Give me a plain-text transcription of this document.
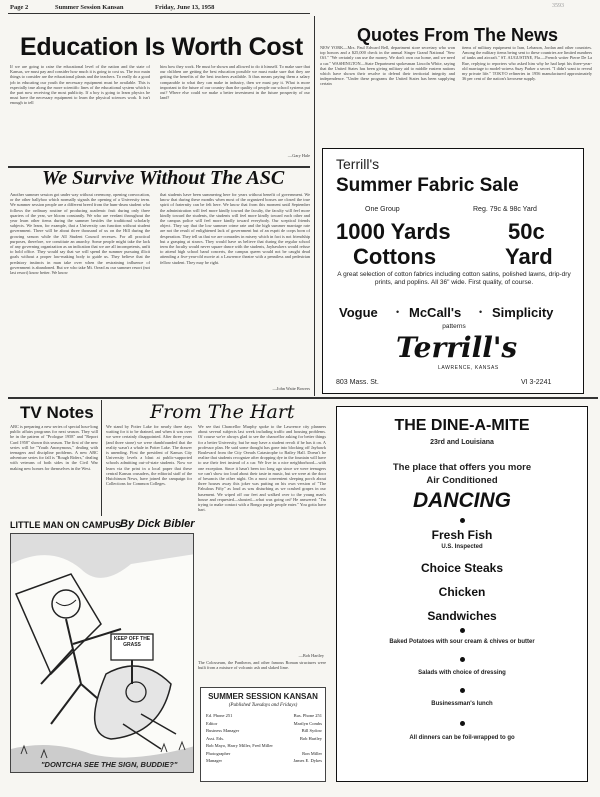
Page 2	Summer Session Kansan	Friday, June 13, 1958	3593
Education Is Worth Cost
If we are going to raise the educational level of the nation and the state of Kansas, we must pay and consider how much it is going to cost us. The two main things to consider are the educational plants and the teachers. To really do a good job in educating our youth the necessary equipment must be available. This is especially true along the more scientific lines of the educational system which is the part now receiving the most publicity. If a boy is going to learn physics he must have the necessary equipment to learn the physical sciences work. It isn't enough to tell
him how they work. He must be shown and allowed to do it himself. To make sure that our children are getting the best education possible we must make sure that they are getting the benefits of the best teachers available. It thus means paying them a salary comparable to what they can make in industry, then we must pay it. What is more important to the future of our country than the quality of people our school systems put out? Where else could we make a better investment in the future prosperity of our land?
—Gary Hale
We Survive Without The ASC
Another summer session got under way without ceremony, opening convocation, or the other ballyhoo which normally signals the opening of a University term. We summer session people are a different breed from the hum-drum student who follows the ordinary routine of producing academic fruit during only three quarters of the year, we bloom constantly. We who are verdant throughout the year learn other items during the summer besides the traditional scholarly subjects. We learn, for example, that a University can function without student government. There will be about three thousand of us on the Hill during the growing season while the All Student Council recesses. For all practical purposes, therefore, we constitute an anarchy. Some people might take the lack of any governing organization as an indication that we are all incompetents, unfit to hold office. They would say that we will spend the summer pursuing illicit goals without a proper law-making body to guide us. They believe that the predatory instincts in man take over when the restraining influence of government is abandoned. But we who take Mt. Oread as our summer resort (not last resort) know better. We know
that students have been summering here for years without benefit of government. We know that during these months when most of the organized bosses are closed the true spirit of fraternity can be felt here. We know that from this moment until September the administration will feel more kindly toward the faculty, the faculty will feel more kindly toward the students, the students will feel more kindly toward each other and the campus police will feel more kindly toward everybody. Our sceptical friends object. They say that the low summer crime rate and the high summer marriage rate are not the result of enlightened lack of government but of an esprit de corps born of desperation. They tell us that we are comrades in misery which in fact is not friendship but a grasping at straws. They would have us believe that during the regular school term the faculty would never square dance with the students, Jayhawkers would refuse to attend high school band concerts, the campus queen would not be caught dead attending a five-year-old movie at a Lawrence theatre with a penniless and pedestrian fellow student. They may be right.
—John Waite Bowers
Quotes From The News
NEW YORK—Mrs. Paul Edward Bell, department store secretary who won top honors and a $25,000 check in the annual Singer Grand National "Sew Off." "We certainly can use the money. We don't own our home, and we need a car." WASHINGTON—State Department spokesman Lincoln White, saying that the United States has been giving military aid to middle eastern nations which have shown their resolve to defend their territorial integrity and independence. "Under these programs the United States has been supplying certain
items of military equipment to Iran, Lebanon, Jordan and other countries. Among the military items being sent to these countries are limited numbers of tanks and aircraft." ST. AUGUSTINE, Fla.—French writer Pierre De La Rue, replying to reporters who asked him why he had kept his three-year-old marriage to model-actress Suzy Parker a secret. "I didn't want to reveal my private life." TOKYO refineries in 1956 manufactured approximately 36 per cent of the nation's kerosene supply.
Terrill's
Summer Fabric Sale
One Group	Reg. 79c & 98c Yard
1000 Yards
Cottons
50c
Yard
A great selection of cotton fabrics including cotton satins, polished lawns, drip-dry prints, and poplins. All 36" wide. First quality, of course.
Vogue • McCall's • Simplicity
patterns
Terrill's
LAWRENCE, KANSAS
803 Mass. St.	VI 3-2241
TV Notes
ABC is preparing a new series of special hour-long public affairs programs for next season. They will be in the pattern of "Prologue 1958" and "Report Card 1958" shown this season. The first of the new series will be "Youth Anonymous," dealing with teenagers and discipline problems. A new ABC adventure series for fall is "Rough Riders," dealing with veterans of both sides in the Civil War making new homes for themselves in the West.
From The Hart
We stand by Potter Lake for nearly three days waiting for it to be drained, and when it was over we were certainly disappointed. After three years (and three stone) we were dumbfounded that the reality wasn't a whale in Potter Lake. The drawer is unending. First the president of Kansas City University levels a blast at public-supported schools admitting out-of-state students. Now we learn via the print in a local paper that these central Kansas crusaders, the editorial staff of the Hutchinson News, have joined the campaign for Collections for Common Colleges.
We see that Chancellor Murphy spoke to the Lawrence city planners about several subjects last week including traffic and housing problems. Of course we're always glad to see the chancellor asking for better things for a better University, but he may have a student revolt if he has it on. A professor plan. He said some thought has gone into blocking off Jayhawk Boulevard from the City Oreads Catastrophe to Bailey Hall. Doesn't he realize that students recognize after dropping dye in the fountain will have to use their feet instead of a car. We live in a nice neighborhood—with one exception. Since it hasn't been too long ago since we were teenagers we can't show too loud about their taste in music, but we were at the door of besancis the other night. On a most convenient sleeping porch about three houses away this joker was putting on his own version of "The Fabulous Fifty" as loud as was disturbing as we crashed grapes in our basement. We wiped off our feet and walked over to the young man's house and requested—shouted—what was going on? He answered: "I'm trying to make contact with a Bongo purple people eater." You gotta have hart.
—Bob Hartley
The Colosseum, the Pantheon, and other famous Roman structures were built from a mixture of volcanic ash and slaked lime.
LITTLE MAN ON CAMPUS By Dick Bibler
KEEP OFF THE GRASS
"DONTCHA SEE THE SIGN, BUDDIE?"
SUMMER SESSION KANSAN
(Published Tuesdays and Fridays)
Ed. Phone 251	Bus. Phone 251
Editor	Marilyn Combs
Business Manager	Bill Sydow
Asst. Eds.	Bob Hartley
Bob Mayo, Harry Miller, Fred Miller
Photographer	Ron Miller
Manager	James E. Dykes
THE DINE-A-MITE
23rd and Louisiana
The place that offers you more
Air Conditioned
DANCING
Fresh Fish
U.S. Inspected
Choice Steaks
Chicken
Sandwiches
Baked Potatoes with sour cream & chives or butter
Salads with choice of dressing
Businessman's lunch
All dinners can be foil-wrapped to go
